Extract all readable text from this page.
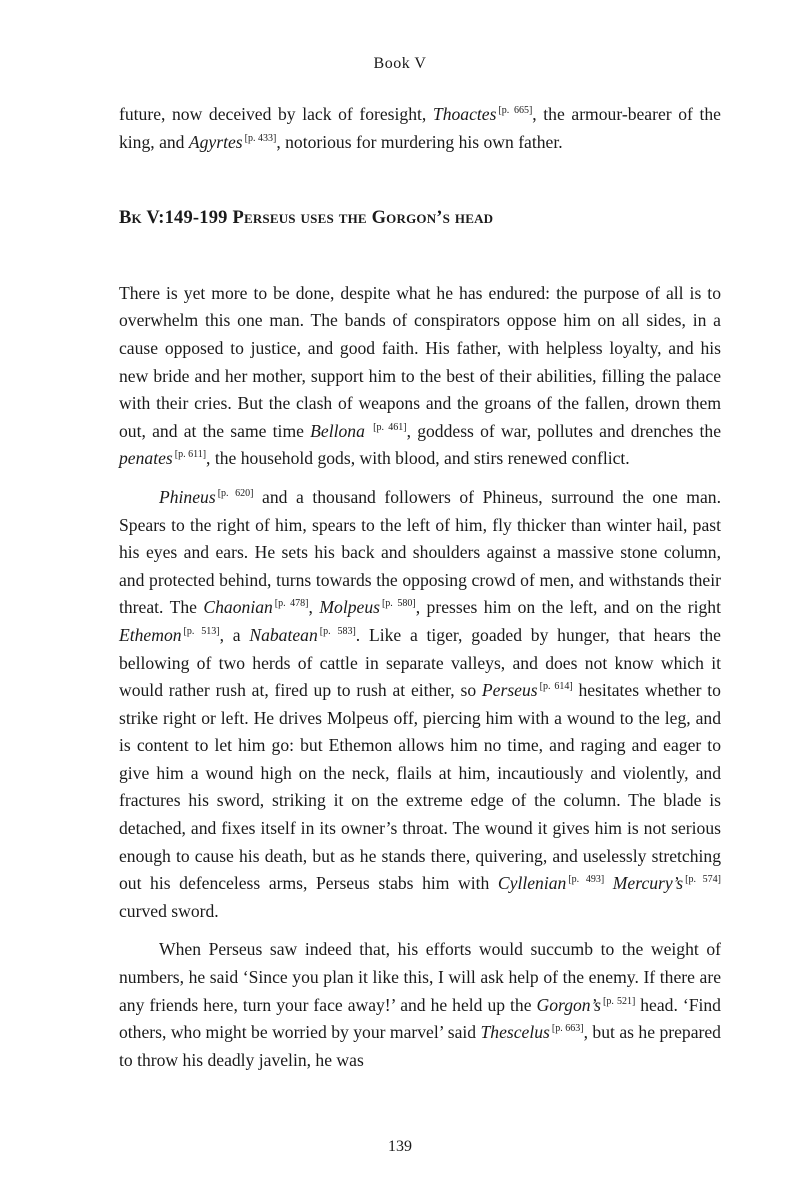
Book V

future, now deceived by lack of foresight, Thoactes [p. 665], the armour-bearer of the king, and Agyrtes [p. 433], notorious for murdering his own father.

Bk V:149-199 Perseus uses the Gorgon’s head

There is yet more to be done, despite what he has endured: the purpose of all is to overwhelm this one man. The bands of conspirators oppose him on all sides, in a cause opposed to justice, and good faith. His father, with helpless loyalty, and his new bride and her mother, support him to the best of their abilities, filling the palace with their cries. But the clash of weapons and the groans of the fallen, drown them out, and at the same time Bellona [p. 461], goddess of war, pollutes and drenches the penates [p. 611], the household gods, with blood, and stirs renewed conflict.

Phineus [p. 620] and a thousand followers of Phineus, surround the one man. Spears to the right of him, spears to the left of him, fly thicker than winter hail, past his eyes and ears. He sets his back and shoulders against a massive stone column, and protected behind, turns towards the opposing crowd of men, and withstands their threat. The Chaonian [p. 478], Molpeus [p. 580], presses him on the left, and on the right Ethemon [p. 513], a Nabatean [p. 583]. Like a tiger, goaded by hunger, that hears the bellowing of two herds of cattle in separate valleys, and does not know which it would rather rush at, fired up to rush at either, so Perseus [p. 614] hesitates whether to strike right or left. He drives Molpeus off, piercing him with a wound to the leg, and is content to let him go: but Ethemon allows him no time, and raging and eager to give him a wound high on the neck, flails at him, incautiously and violently, and fractures his sword, striking it on the extreme edge of the column. The blade is detached, and fixes itself in its owner’s throat. The wound it gives him is not serious enough to cause his death, but as he stands there, quivering, and uselessly stretching out his defenceless arms, Perseus stabs him with Cyllenian [p. 493] Mercury’s [p. 574] curved sword.

When Perseus saw indeed that, his efforts would succumb to the weight of numbers, he said ‘Since you plan it like this, I will ask help of the enemy. If there are any friends here, turn your face away!’ and he held up the Gorgon’s [p. 521] head. ‘Find others, who might be worried by your marvel’ said Thescelus [p. 663], but as he prepared to throw his deadly javelin, he was

139
